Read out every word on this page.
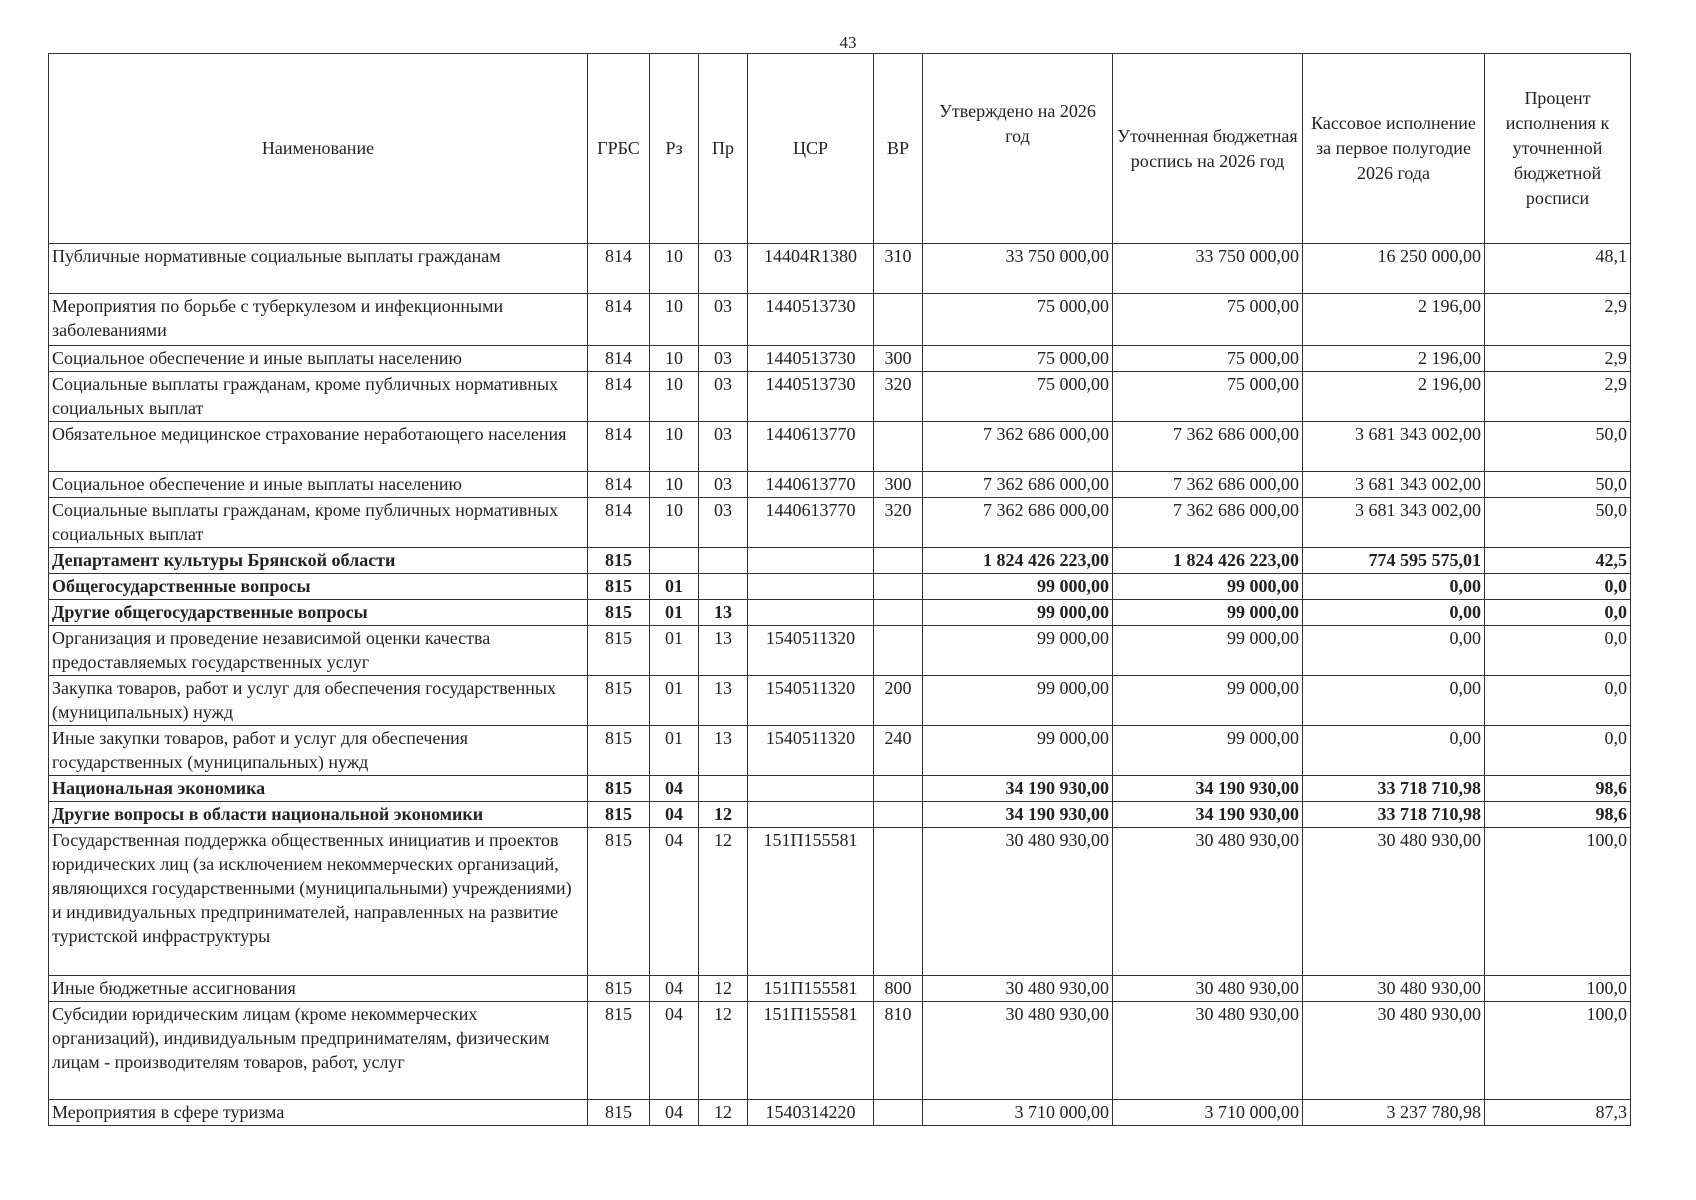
43
Наименование	ГРБС	Рз	Пр	ЦСР	ВР	Утверждено на 2026 год	Уточненная бюджетная роспись на 2026 год	Кассовое исполнение за первое полугодие 2026 года	Процент исполнения к уточненной бюджетной росписи
Публичные нормативные социальные выплаты гражданам	814	10	03	14404R1380	310	33 750 000,00	33 750 000,00	16 250 000,00	48,1
Мероприятия по борьбе с туберкулезом и инфекционными заболеваниями	814	10	03	1440513730		75 000,00	75 000,00	2 196,00	2,9
Социальное обеспечение и иные выплаты населению	814	10	03	1440513730	300	75 000,00	75 000,00	2 196,00	2,9
Социальные выплаты гражданам, кроме публичных нормативных социальных выплат	814	10	03	1440513730	320	75 000,00	75 000,00	2 196,00	2,9
Обязательное медицинское страхование неработающего населения	814	10	03	1440613770		7 362 686 000,00	7 362 686 000,00	3 681 343 002,00	50,0
Социальное обеспечение и иные выплаты населению	814	10	03	1440613770	300	7 362 686 000,00	7 362 686 000,00	3 681 343 002,00	50,0
Социальные выплаты гражданам, кроме публичных нормативных социальных выплат	814	10	03	1440613770	320	7 362 686 000,00	7 362 686 000,00	3 681 343 002,00	50,0
Департамент культуры Брянской области	815					1 824 426 223,00	1 824 426 223,00	774 595 575,01	42,5
Общегосударственные вопросы	815	01				99 000,00	99 000,00	0,00	0,0
Другие общегосударственные вопросы	815	01	13			99 000,00	99 000,00	0,00	0,0
Организация и проведение независимой оценки качества предоставляемых государственных услуг	815	01	13	1540511320		99 000,00	99 000,00	0,00	0,0
Закупка товаров, работ и услуг для обеспечения государственных (муниципальных) нужд	815	01	13	1540511320	200	99 000,00	99 000,00	0,00	0,0
Иные закупки товаров, работ и услуг для обеспечения государственных (муниципальных) нужд	815	01	13	1540511320	240	99 000,00	99 000,00	0,00	0,0
Национальная экономика	815	04				34 190 930,00	34 190 930,00	33 718 710,98	98,6
Другие вопросы в области национальной экономики	815	04	12			34 190 930,00	34 190 930,00	33 718 710,98	98,6
Государственная поддержка общественных инициатив и проектов юридических лиц (за исключением некоммерческих организаций, являющихся государственными (муниципальными) учреждениями) и индивидуальных предпринимателей, направленных на развитие туристской инфраструктуры	815	04	12	151П155581		30 480 930,00	30 480 930,00	30 480 930,00	100,0
Иные бюджетные ассигнования	815	04	12	151П155581	800	30 480 930,00	30 480 930,00	30 480 930,00	100,0
Субсидии юридическим лицам (кроме некоммерческих организаций), индивидуальным предпринимателям, физическим лицам - производителям товаров, работ, услуг	815	04	12	151П155581	810	30 480 930,00	30 480 930,00	30 480 930,00	100,0
Мероприятия в сфере туризма	815	04	12	1540314220		3 710 000,00	3 710 000,00	3 237 780,98	87,3
